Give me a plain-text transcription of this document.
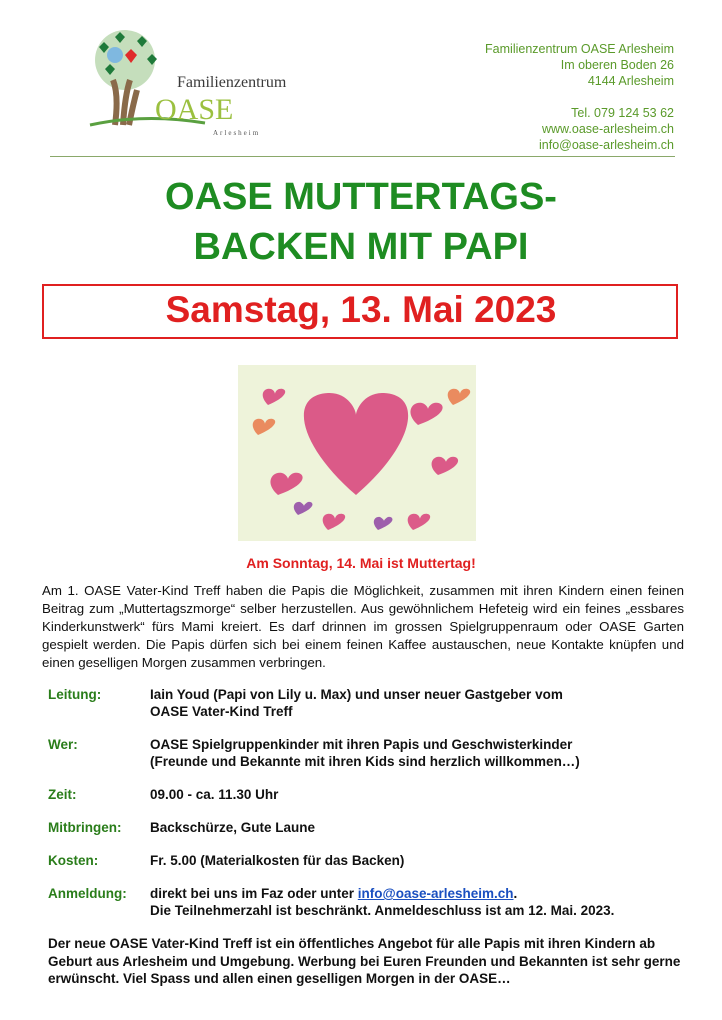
Familienzentrum
OASE
Arlesheim
Familienzentrum OASE Arlesheim
Im oberen Boden 26
4144 Arlesheim
Tel. 079 124 53 62
www.oase-arlesheim.ch
info@oase-arlesheim.ch
OASE MUTTERTAGS-
BACKEN MIT PAPI
Samstag, 13. Mai 2023
Am Sonntag, 14. Mai ist Muttertag!
Am 1. OASE Vater-Kind Treff haben die Papis die Möglichkeit, zusammen mit ihren Kindern einen feinen Beitrag zum „Muttertagszmorge“ selber herzustellen. Aus gewöhnlichem Hefeteig wird ein feines „essbares Kinderkunstwerk“ fürs Mami kreiert. Es darf drinnen im grossen Spielgruppenraum oder OASE Garten gespielt werden. Die Papis dürfen sich bei einem feinen Kaffee austauschen, neue Kontakte knüpfen und einen geselligen Morgen zusammen verbringen.
Leitung:	Iain Youd (Papi von Lily u. Max) und unser neuer Gastgeber vom
OASE Vater-Kind Treff
Wer:	OASE Spielgruppenkinder mit ihren Papis und Geschwisterkinder
(Freunde und Bekannte mit ihren Kids sind herzlich willkommen…)
Zeit:	09.00 - ca. 11.30 Uhr
Mitbringen:	Backschürze, Gute Laune
Kosten:	Fr. 5.00 (Materialkosten für das Backen)
Anmeldung:	direkt bei uns im Faz oder unter info@oase-arlesheim.ch.
Die Teilnehmerzahl ist beschränkt. Anmeldeschluss ist am 12. Mai. 2023.
Der neue OASE Vater-Kind Treff ist ein öffentliches Angebot für alle Papis mit ihren Kindern ab Geburt aus Arlesheim und Umgebung. Werbung bei Euren Freunden und Bekannten ist sehr gerne erwünscht. Viel Spass und allen einen geselligen Morgen in der OASE…
